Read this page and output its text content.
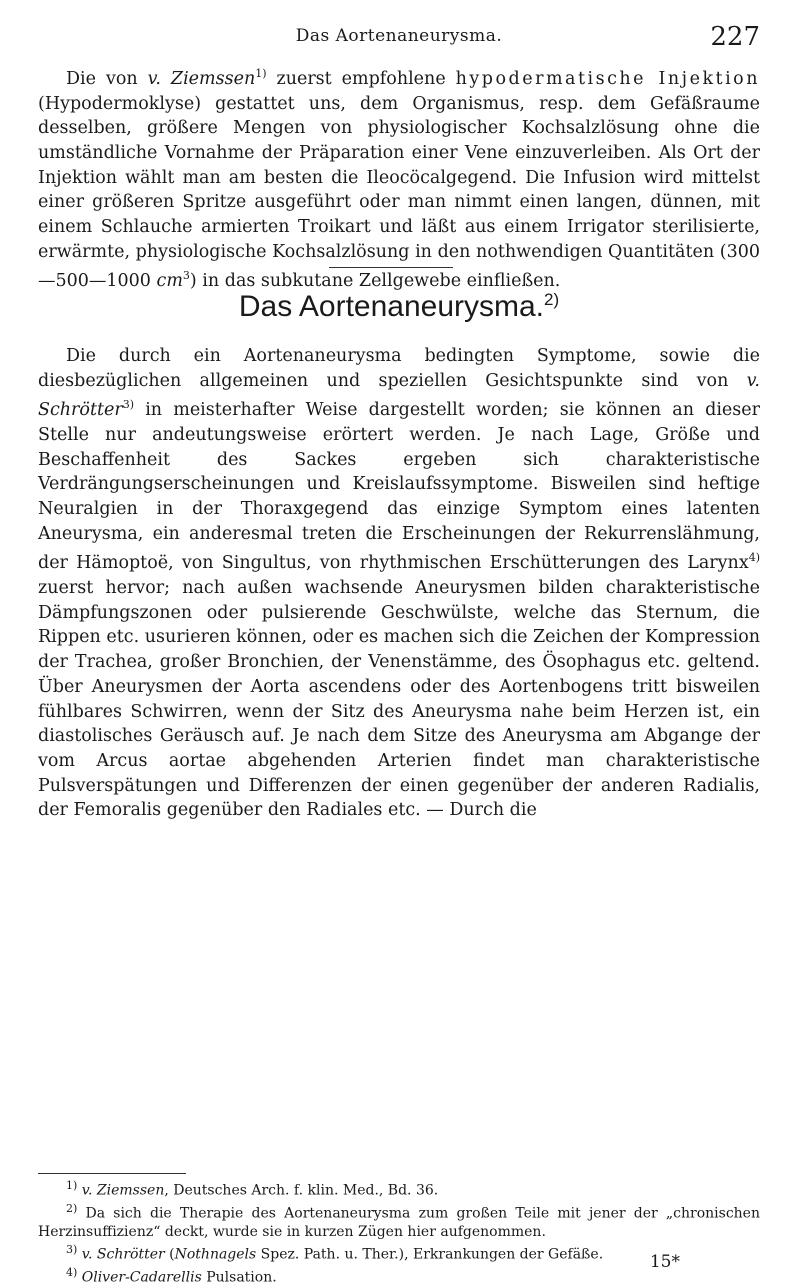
Das Aortenaneurysma.	227

Die von v. Ziemssen$^{1)}$ zuerst empfohlene hypodermatische Injektion (Hypodermoklyse) gestattet uns, dem Organismus, resp. dem Gefäßraume desselben, größere Mengen von physiologischer Kochsalzlösung ohne die umständliche Vornahme der Präparation einer Vene einzuverleiben. Als Ort der Injektion wählt man am besten die Ileocöcalgegend. Die Infusion wird mittelst einer größeren Spritze ausgeführt oder man nimmt einen langen, dünnen, mit einem Schlauche armierten Troikart und läßt aus einem Irrigator sterilisierte, erwärmte, physiologische Kochsalzlösung in den nothwendigen Quantitäten (300—500—1000 $cm^3$) in das subkutane Zellgewebe einfließen.

Das Aortenaneurysma.$^{2)}$

Die durch ein Aortenaneurysma bedingten Symptome, sowie die diesbezüglichen allgemeinen und speziellen Gesichtspunkte sind von v. Schrötter$^{3)}$ in meisterhafter Weise dargestellt worden; sie können an dieser Stelle nur andeutungsweise erörtert werden. Je nach Lage, Größe und Beschaffenheit des Sackes ergeben sich charakteristische Verdrängungserscheinungen und Kreislaufssymptome. Bisweilen sind heftige Neuralgien in der Thoraxgegend das einzige Symptom eines latenten Aneurysma, ein anderesmal treten die Erscheinungen der Rekurrenslähmung, der Hämoptoë, von Singultus, von rhythmischen Erschütterungen des Larynx$^{4)}$ zuerst hervor; nach außen wachsende Aneurysmen bilden charakteristische Dämpfungszonen oder pulsierende Geschwülste, welche das Sternum, die Rippen etc. usurieren können, oder es machen sich die Zeichen der Kompression der Trachea, großer Bronchien, der Venenstämme, des Ösophagus etc. geltend. Über Aneurysmen der Aorta ascendens oder des Aortenbogens tritt bisweilen fühlbares Schwirren, wenn der Sitz des Aneurysma nahe beim Herzen ist, ein diastolisches Geräusch auf. Je nach dem Sitze des Aneurysma am Abgange der vom Arcus aortae abgehenden Arterien findet man charakteristische Pulsverspätungen und Differenzen der einen gegenüber der anderen Radialis, der Femoralis gegenüber den Radiales etc. — Durch die

$^{1)}$ v. Ziemssen, Deutsches Arch. f. klin. Med., Bd. 36.

$^{2)}$ Da sich die Therapie des Aortenaneurysma zum großen Teile mit jener der „chronischen Herzinsuffizienz“ deckt, wurde sie in kurzen Zügen hier aufgenommen.

$^{3)}$ v. Schrötter (Nothnagels Spez. Path. u. Ther.), Erkrankungen der Gefäße.

$^{4)}$ Oliver-Cadarellis Pulsation.

15*
